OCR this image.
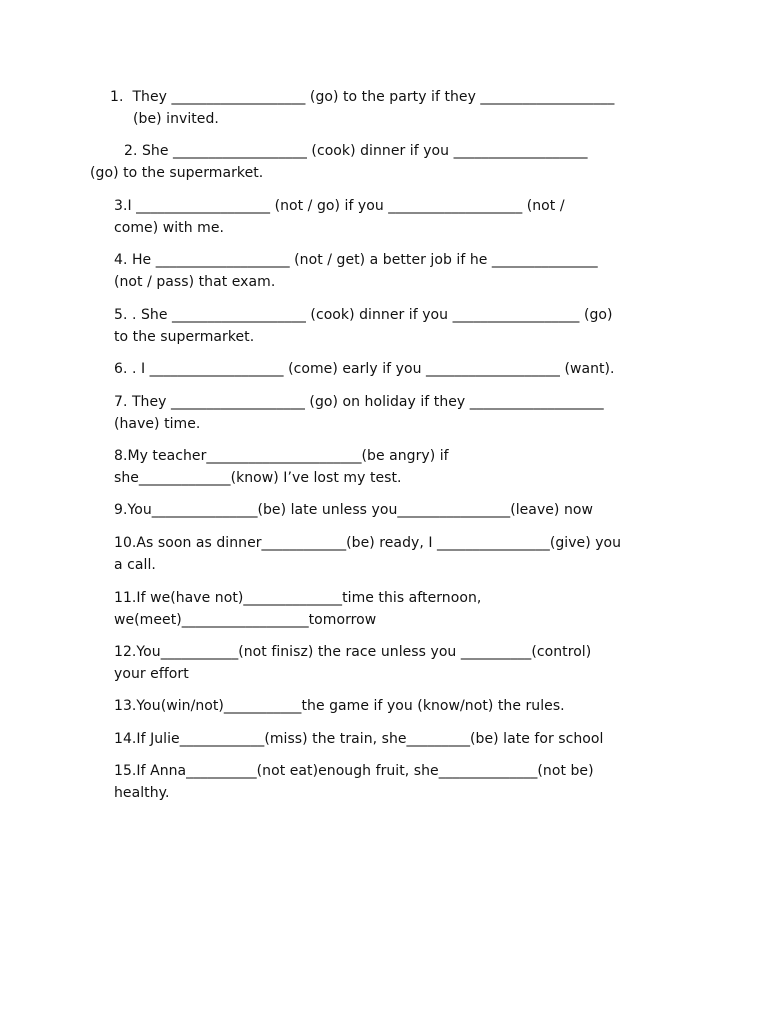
1.  They ___________________ (go) to the party if they ___________________
(be) invited.
2. She ___________________ (cook) dinner if you ___________________
(go) to the supermarket.
3.I ___________________ (not / go) if you ___________________ (not /
come) with me.
4. He ___________________ (not / get) a better job if he _______________
(not / pass) that exam.
5. . She ___________________ (cook) dinner if you __________________ (go)
to the supermarket.
6. . I ___________________ (come) early if you ___________________ (want).
7. They ___________________ (go) on holiday if they ___________________
(have) time.
8.My teacher______________________(be angry) if
she_____________(know) I’ve lost my test.
9.You_______________(be) late unless you________________(leave) now
10.As soon as dinner____________(be) ready, I ________________(give) you
a call.
11.If we(have not)______________time this afternoon,
we(meet)__________________tomorrow
12.You___________(not finisz) the race unless you __________(control)
your effort
13.You(win/not)___________the game if you (know/not) the rules.
14.If Julie____________(miss) the train, she_________(be) late for school
15.If Anna__________(not eat)enough fruit, she______________(not be)
healthy.
